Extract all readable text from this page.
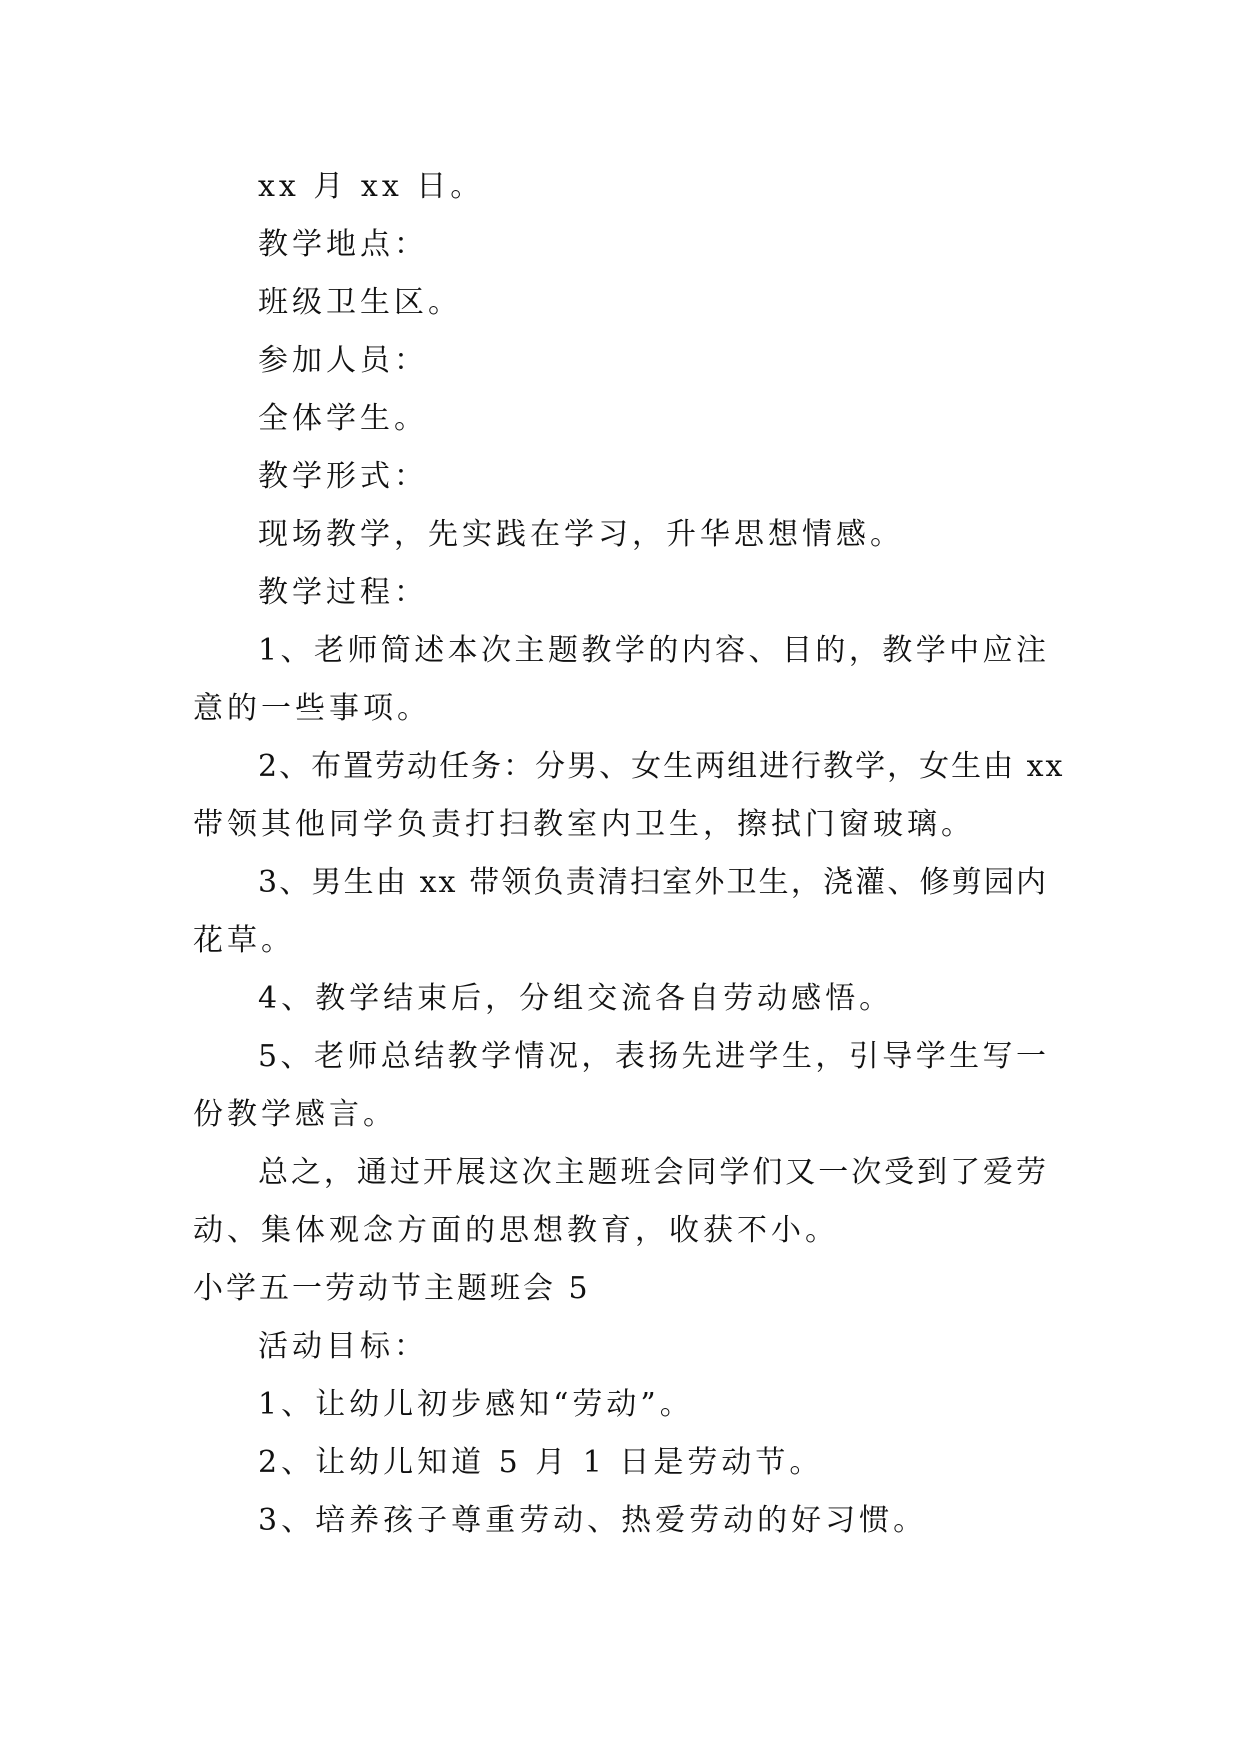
xx 月 xx 日。
教学地点：
班级卫生区。
参加人员：
全体学生。
教学形式：
现场教学，先实践在学习，升华思想情感。
教学过程：
1、老师简述本次主题教学的内容、目的，教学中应注
意的一些事项。
2、布置劳动任务：分男、女生两组进行教学，女生由 xx
带领其他同学负责打扫教室内卫生，擦拭门窗玻璃。
3、男生由 xx 带领负责清扫室外卫生，浇灌、修剪园内
花草。
4、教学结束后，分组交流各自劳动感悟。
5、老师总结教学情况，表扬先进学生，引导学生写一
份教学感言。
总之，通过开展这次主题班会同学们又一次受到了爱劳
动、集体观念方面的思想教育，收获不小。
小学五一劳动节主题班会 5
活动目标：
1、让幼儿初步感知“劳动”。
2、让幼儿知道 5 月 1 日是劳动节。
3、培养孩子尊重劳动、热爱劳动的好习惯。
